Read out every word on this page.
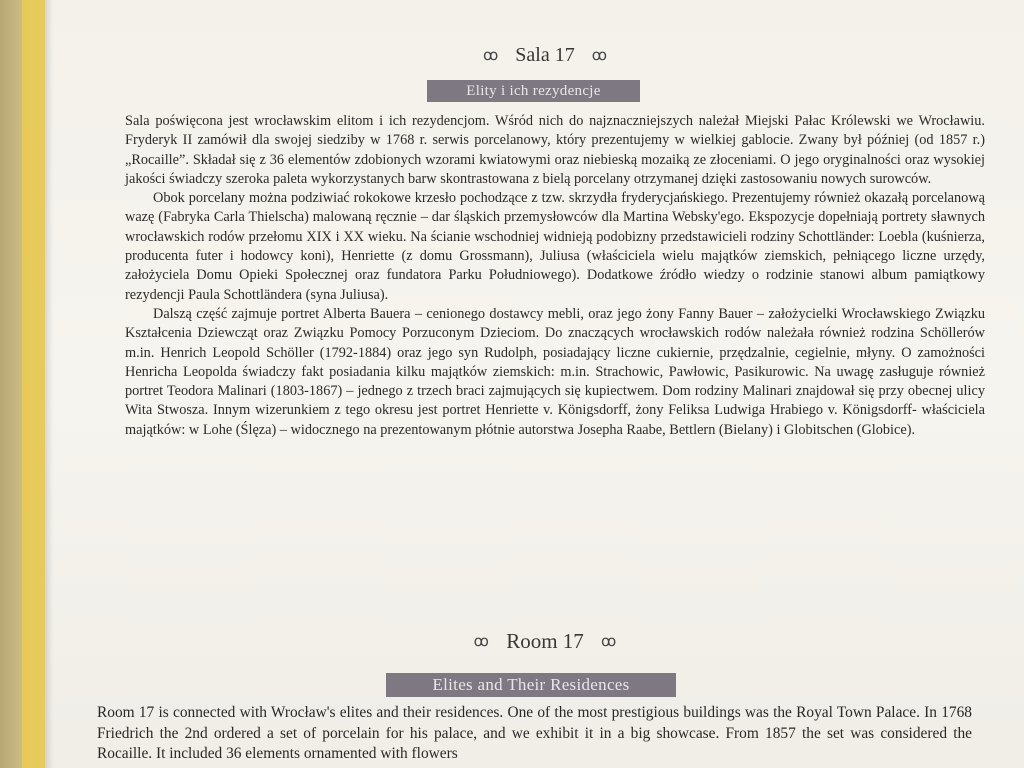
ꝏ Sala 17 ꝏ
Elity i ich rezydencje

Sala poświęcona jest wrocławskim elitom i ich rezydencjom. Wśród nich do najznaczniejszych należał Miejski Pałac Królewski we Wrocławiu. Fryderyk II zamówił dla swojej siedziby w 1768 r. serwis porcelanowy, który prezentujemy w wielkiej gablocie. Zwany był później (od 1857 r.) „Rocaille”. Składał się z 36 elementów zdobionych wzorami kwiatowymi oraz niebieską mozaiką ze złoceniami. O jego oryginalności oraz wysokiej jakości świadczy szeroka paleta wykorzystanych barw skontrastowana z bielą porcelany otrzymanej dzięki zastosowaniu nowych surowców.

Obok porcelany można podziwiać rokokowe krzesło pochodzące z tzw. skrzydła fryderycjańskiego. Prezentujemy również okazałą porcelanową wazę (Fabryka Carla Thielscha) malowaną ręcznie – dar śląskich przemysłowców dla Martina Websky'ego. Ekspozycje dopełniają portrety sławnych wrocławskich rodów przełomu XIX i XX wieku. Na ścianie wschodniej widnieją podobizny przedstawicieli rodziny Schottländer: Loebla (kuśnierza, producenta futer i hodowcy koni), Henriette (z domu Grossmann), Juliusa (właściciela wielu majątków ziemskich, pełniącego liczne urzędy, założyciela Domu Opieki Społecznej oraz fundatora Parku Południowego). Dodatkowe źródło wiedzy o rodzinie stanowi album pamiątkowy rezydencji Paula Schottländera (syna Juliusa).

Dalszą część zajmuje portret Alberta Bauera – cenionego dostawcy mebli, oraz jego żony Fanny Bauer – założycielki Wrocławskiego Związku Kształcenia Dziewcząt oraz Związku Pomocy Porzuconym Dzieciom. Do znaczących wrocławskich rodów należała również rodzina Schöllerów m.in. Henrich Leopold Schöller (1792-1884) oraz jego syn Rudolph, posiadający liczne cukiernie, przędzalnie, cegielnie, młyny. O zamożności Henricha Leopolda świadczy fakt posiadania kilku majątków ziemskich: m.in. Strachowic, Pawłowic, Pasikurowic. Na uwagę zasługuje również portret Teodora Malinari (1803-1867) – jednego z trzech braci zajmujących się kupiectwem. Dom rodziny Malinari znajdował się przy obecnej ulicy Wita Stwosza. Innym wizerunkiem z tego okresu jest portret Henriette v. Königsdorff, żony Feliksa Ludwiga Hrabiego v. Königsdorff- właściciela majątków: w Lohe (Ślęza) – widocznego na prezentowanym płótnie autorstwa Josepha Raabe, Bettlern (Bielany) i Globitschen (Globice).

ꝏ Room 17 ꝏ
Elites and Their Residences

Room 17 is connected with Wrocław's elites and their residences. One of the most prestigious buildings was the Royal Town Palace. In 1768 Friedrich the 2nd ordered a set of porcelain for his palace, and we exhibit it in a big showcase. From 1857 the set was considered the Rocaille. It included 36 elements ornamented with flowers
